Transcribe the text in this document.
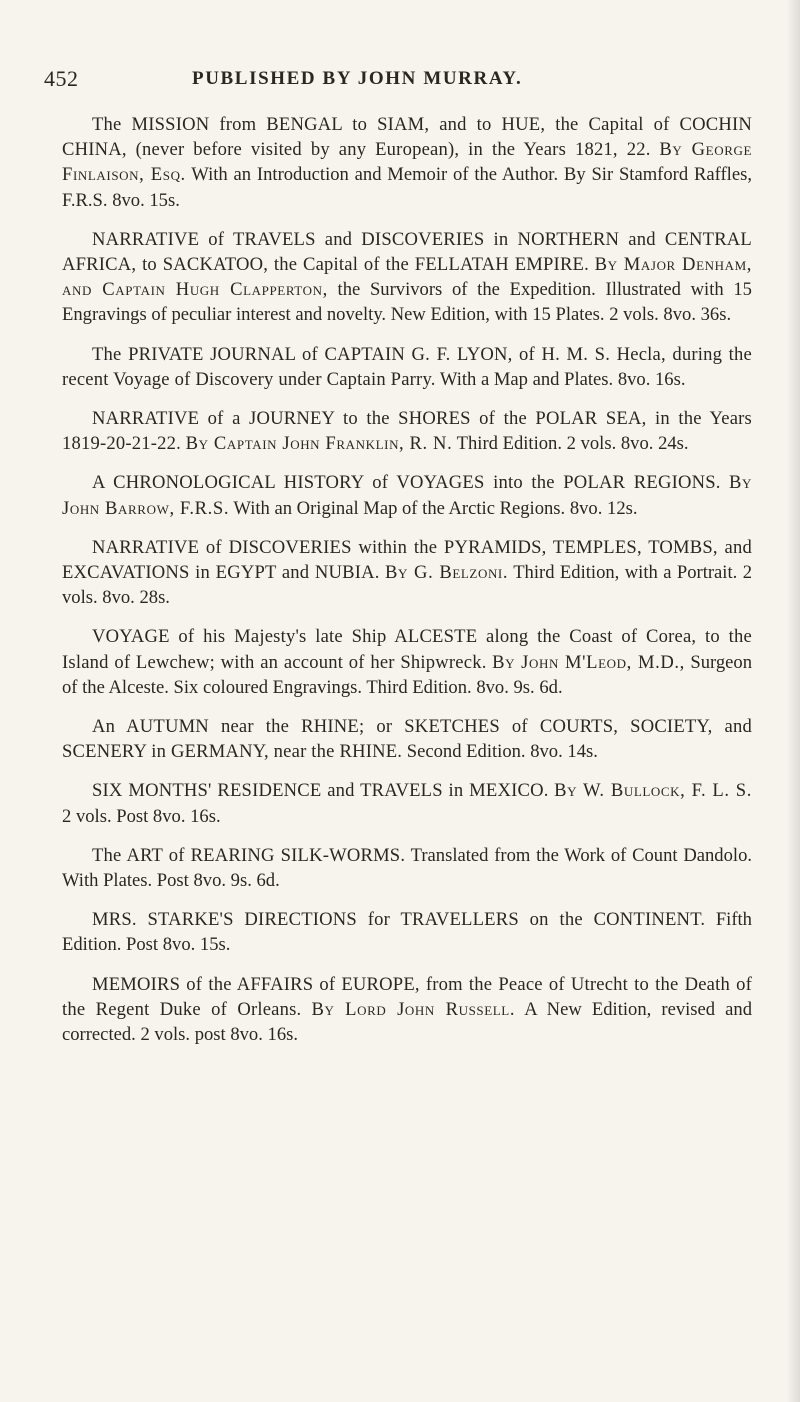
452	PUBLISHED BY JOHN MURRAY.

The MISSION from BENGAL to SIAM, and to HUE, the Capital of COCHIN CHINA, (never before visited by any European), in the Years 1821, 22. By George Finlaison, Esq. With an Introduction and Memoir of the Author. By Sir Stamford Raffles, F.R.S. 8vo. 15s.

NARRATIVE of TRAVELS and DISCOVERIES in NORTHERN and CENTRAL AFRICA, to SACKATOO, the Capital of the FELLATAH EMPIRE. By Major Denham, and Captain Hugh Clapperton, the Survivors of the Expedition. Illustrated with 15 Engravings of peculiar interest and novelty. New Edition, with 15 Plates. 2 vols. 8vo. 36s.

The PRIVATE JOURNAL of CAPTAIN G. F. LYON, of H. M. S. Hecla, during the recent Voyage of Discovery under Captain Parry. With a Map and Plates. 8vo. 16s.

NARRATIVE of a JOURNEY to the SHORES of the POLAR SEA, in the Years 1819-20-21-22. By Captain John Franklin, R. N. Third Edition. 2 vols. 8vo. 24s.

A CHRONOLOGICAL HISTORY of VOYAGES into the POLAR REGIONS. By John Barrow, F.R.S. With an Original Map of the Arctic Regions. 8vo. 12s.

NARRATIVE of DISCOVERIES within the PYRAMIDS, TEMPLES, TOMBS, and EXCAVATIONS in EGYPT and NUBIA. By G. Belzoni. Third Edition, with a Portrait. 2 vols. 8vo. 28s.

VOYAGE of his Majesty's late Ship ALCESTE along the Coast of Corea, to the Island of Lewchew; with an account of her Shipwreck. By John M'Leod, M.D., Surgeon of the Alceste. Six coloured Engravings. Third Edition. 8vo. 9s. 6d.

An AUTUMN near the RHINE; or SKETCHES of COURTS, SOCIETY, and SCENERY in GERMANY, near the RHINE. Second Edition. 8vo. 14s.

SIX MONTHS' RESIDENCE and TRAVELS in MEXICO. By W. Bullock, F. L. S. 2 vols. Post 8vo. 16s.

The ART of REARING SILK-WORMS. Translated from the Work of Count Dandolo. With Plates. Post 8vo. 9s. 6d.

MRS. STARKE'S DIRECTIONS for TRAVELLERS on the CONTINENT. Fifth Edition. Post 8vo. 15s.

MEMOIRS of the AFFAIRS of EUROPE, from the Peace of Utrecht to the Death of the Regent Duke of Orleans. By Lord John Russell. A New Edition, revised and corrected. 2 vols. post 8vo. 16s.
